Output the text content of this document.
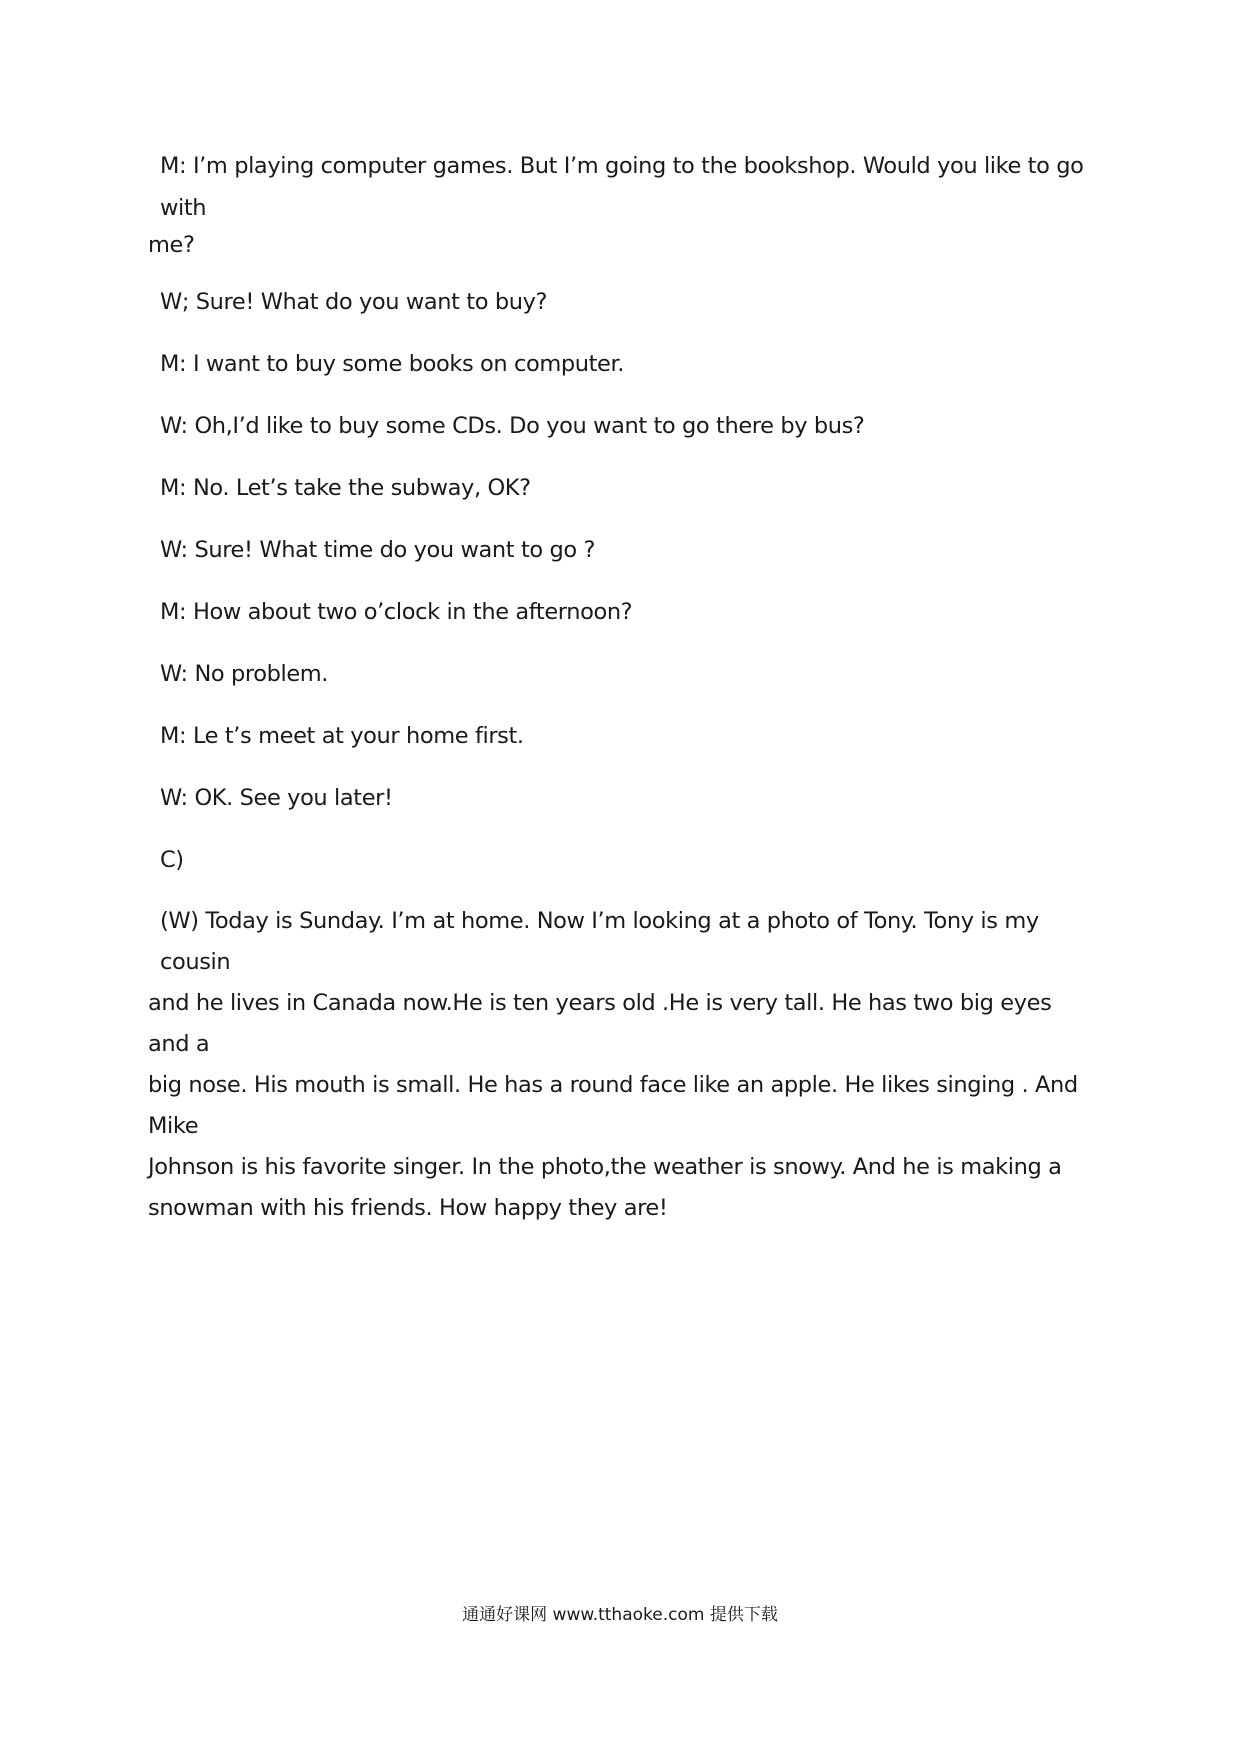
M: I’m playing computer games. But I’m going to the bookshop. Would you like to go with
me?
W; Sure! What do you want to buy?
M: I want to buy some books on computer.
W: Oh,I’d like to buy some CDs. Do you want to go there by bus?
M: No. Let’s take the subway, OK?
W: Sure! What time do you want to go ?
M: How about two o’clock in the afternoon?
W: No problem.
M: Le t’s meet at your home first.
W: OK. See you later!
C)
(W) Today is Sunday. I’m at home. Now I’m looking at a photo of Tony. Tony is my cousin
and he lives in Canada now.He is ten years old .He is very tall. He has two big eyes and a
big nose. His mouth is small. He has a round face like an apple. He likes singing . And Mike
Johnson is his favorite singer. In the photo,the weather is snowy. And he is making a
snowman with his friends. How happy they are!
通通好课网 www.tthaoke.com 提供下载
